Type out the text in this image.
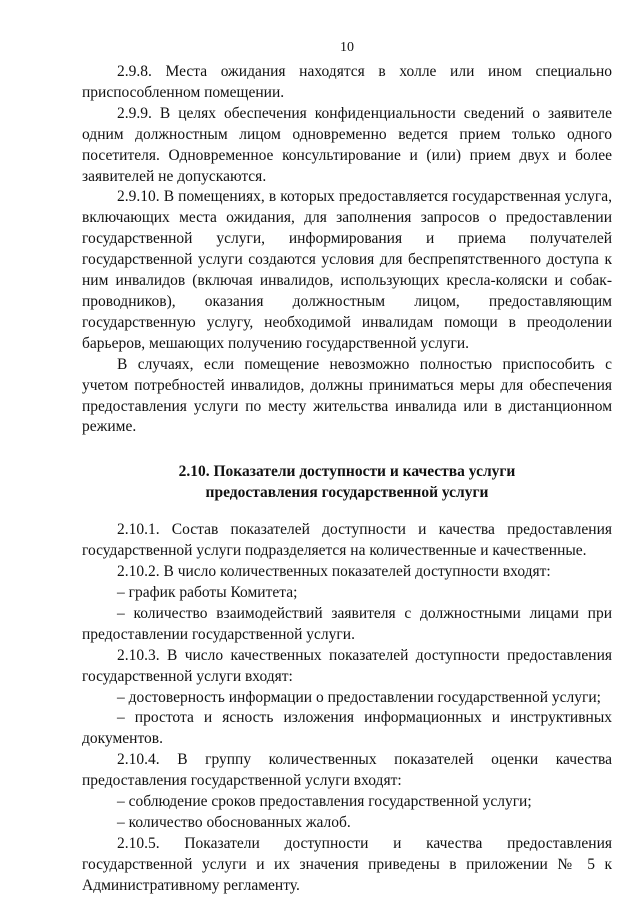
10

2.9.8. Места ожидания находятся в холле или ином специально приспособленном помещении.

2.9.9. В целях обеспечения конфиденциальности сведений о заявителе одним должностным лицом одновременно ведется прием только одного посетителя. Одновременное консультирование и (или) прием двух и более заявителей не допускаются.

2.9.10. В помещениях, в которых предоставляется государственная услуга, включающих места ожидания, для заполнения запросов о предоставлении государственной услуги, информирования и приема получателей государственной услуги создаются условия для беспрепятственного доступа к ним инвалидов (включая инвалидов, использующих кресла-коляски и собак-проводников), оказания должностным лицом, предоставляющим государственную услугу, необходимой инвалидам помощи в преодолении барьеров, мешающих получению государственной услуги.

В случаях, если помещение невозможно полностью приспособить с учетом потребностей инвалидов, должны приниматься меры для обеспечения предоставления услуги по месту жительства инвалида или в дистанционном режиме.

2.10. Показатели доступности и качества услуги
предоставления государственной услуги

2.10.1. Состав показателей доступности и качества предоставления государственной услуги подразделяется на количественные и качественные.

2.10.2. В число количественных показателей доступности входят:

– график работы Комитета;

– количество взаимодействий заявителя с должностными лицами при предоставлении государственной услуги.

2.10.3. В число качественных показателей доступности предоставления государственной услуги входят:

– достоверность информации о предоставлении государственной услуги;

– простота и ясность изложения информационных и инструктивных документов.

2.10.4. В группу количественных показателей оценки качества предоставления государственной услуги входят:

– соблюдение сроков предоставления государственной услуги;

– количество обоснованных жалоб.

2.10.5. Показатели доступности и качества предоставления государственной услуги и их значения приведены в приложении № 5 к Административному регламенту.
